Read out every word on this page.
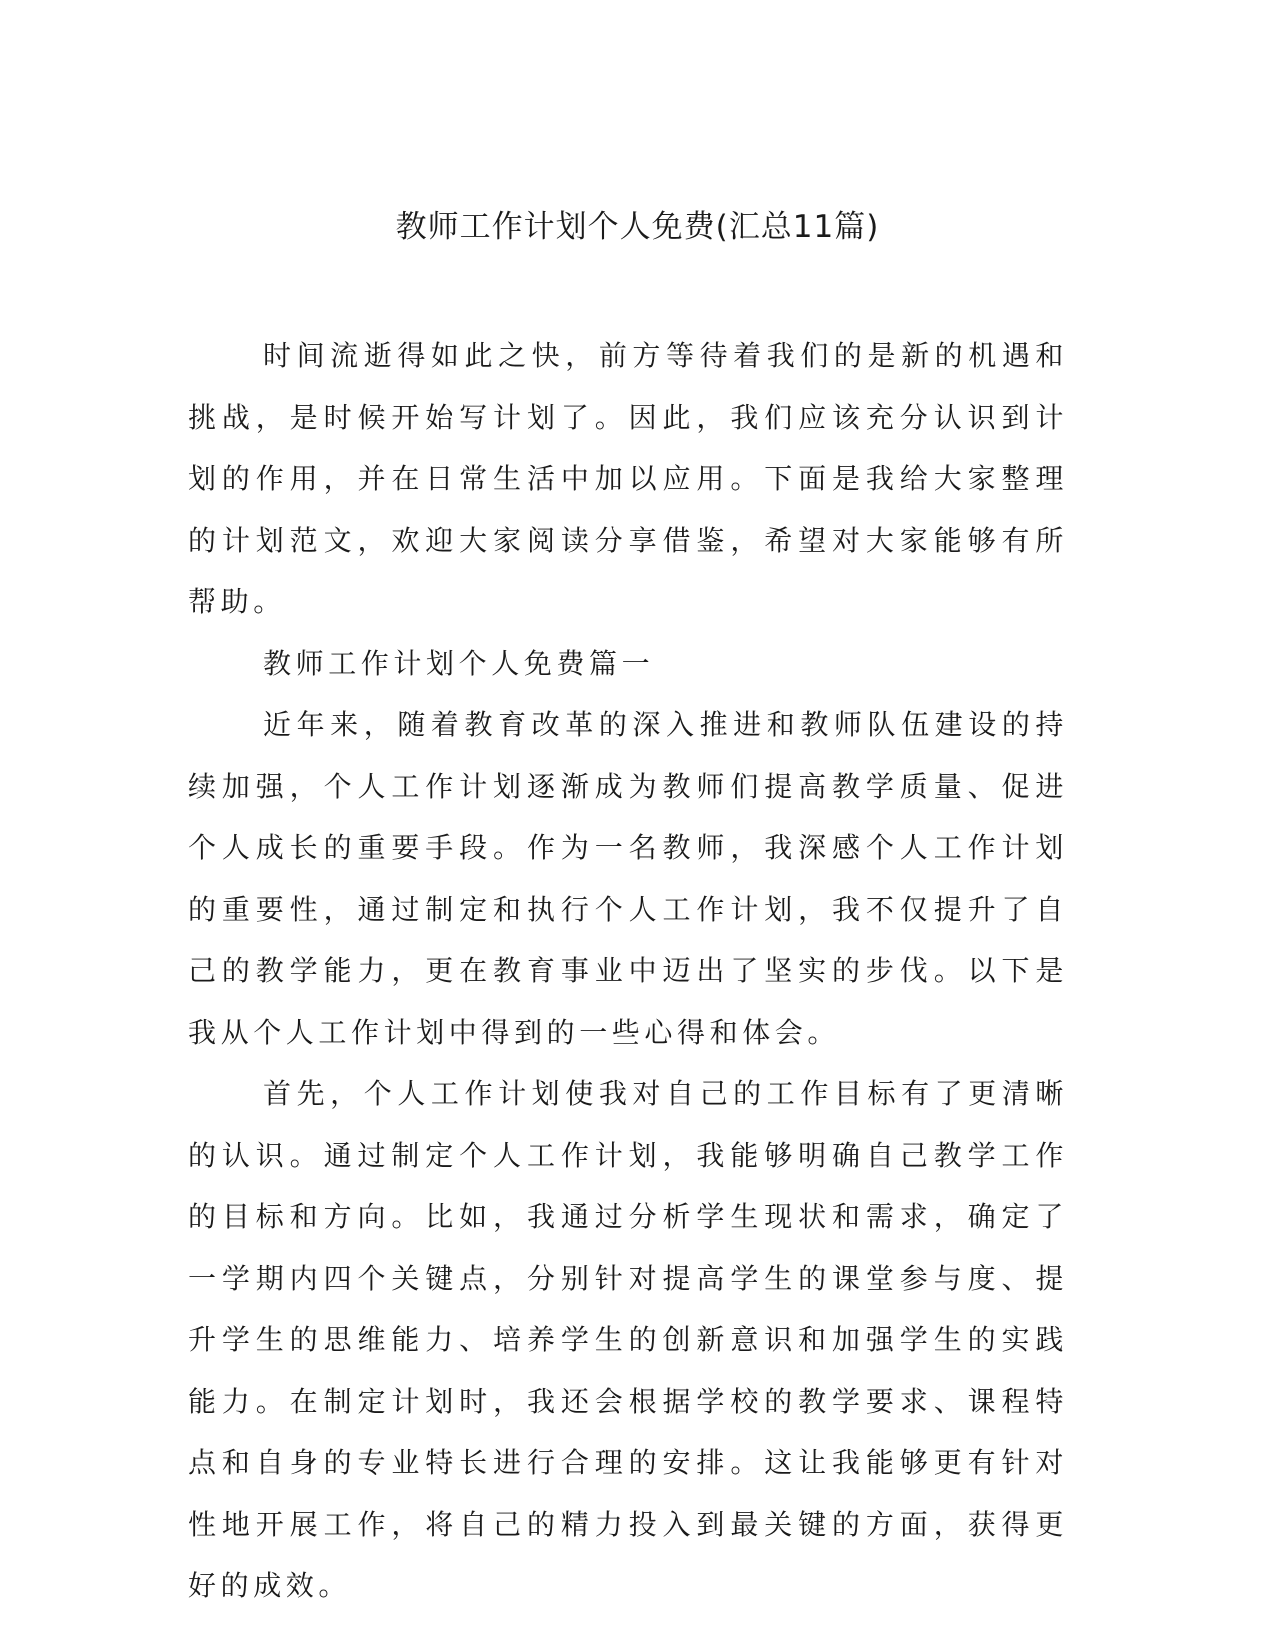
教师工作计划个人免费(汇总11篇)

时间流逝得如此之快，前方等待着我们的是新的机遇和挑战，是时候开始写计划了。因此，我们应该充分认识到计划的作用，并在日常生活中加以应用。下面是我给大家整理的计划范文，欢迎大家阅读分享借鉴，希望对大家能够有所帮助。

教师工作计划个人免费篇一

近年来，随着教育改革的深入推进和教师队伍建设的持续加强，个人工作计划逐渐成为教师们提高教学质量、促进个人成长的重要手段。作为一名教师，我深感个人工作计划的重要性，通过制定和执行个人工作计划，我不仅提升了自己的教学能力，更在教育事业中迈出了坚实的步伐。以下是我从个人工作计划中得到的一些心得和体会。

首先，个人工作计划使我对自己的工作目标有了更清晰的认识。通过制定个人工作计划，我能够明确自己教学工作的目标和方向。比如，我通过分析学生现状和需求，确定了一学期内四个关键点，分别针对提高学生的课堂参与度、提升学生的思维能力、培养学生的创新意识和加强学生的实践能力。在制定计划时，我还会根据学校的教学要求、课程特点和自身的专业特长进行合理的安排。这让我能够更有针对性地开展工作，将自己的精力投入到最关键的方面，获得更好的成效。
